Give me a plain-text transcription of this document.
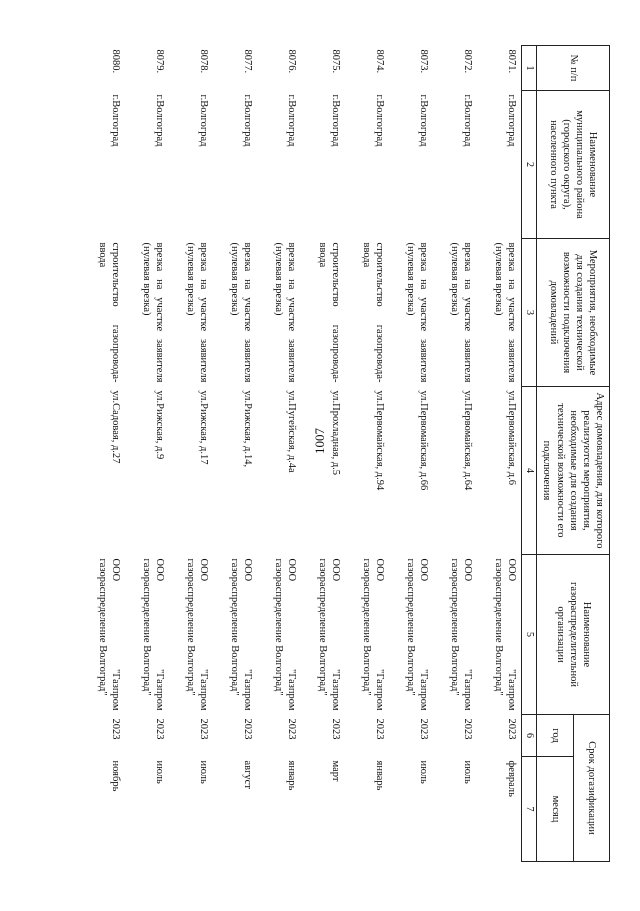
1007
№ п/п	Наименование муниципального района (городского округа), населенного пункта	Мероприятия, необходимые для создания технической возможности подключения домовладений	Адрес домовладения, для которого реализуются мероприятия, необходимые для создания технической возможности его подключения	Наименование газораспределительной организации	Срок догазификации	
					год	месяц
1	2	3	4	5	6	7
8071.	г.Волгоград	врезка на участке заявителя (нулевая врезка)	ул.Первомайская, д.6	ООО "Газпром газораспределение Волгоград"	2023	февраль
8072.	г.Волгоград	врезка на участке заявителя (нулевая врезка)	ул.Первомайская, д.64	ООО "Газпром газораспределение Волгоград"	2023	июль
8073.	г.Волгоград	врезка на участке заявителя (нулевая врезка)	ул.Первомайская, д.66	ООО "Газпром газораспределение Волгоград"	2023	июль
8074.	г.Волгоград	строительство газопровода-ввода	ул.Первомайская, д.94	ООО "Газпром газораспределение Волгоград"	2023	январь
8075.	г.Волгоград	строительство газопровода-ввода	ул.Прохладная, д.5	ООО "Газпром газораспределение Волгоград"	2023	март
8076.	г.Волгоград	врезка на участке заявителя (нулевая врезка)	ул.Пугейская, д.4а	ООО "Газпром газораспределение Волгоград"	2023	январь
8077.	г.Волгоград	врезка на участке заявителя (нулевая врезка)	ул.Рижская, д.14,	ООО "Газпром газораспределение Волгоград"	2023	август
8078.	г.Волгоград	врезка на участке заявителя (нулевая врезка)	ул.Рижская, д.17	ООО "Газпром газораспределение Волгоград"	2023	июль
8079.	г.Волгоград	врезка на участке заявителя (нулевая врезка)	ул.Рижская, д.9	ООО "Газпром газораспределение Волгоград"	2023	июль
8080.	г.Волгоград	строительство газопровода-ввода	ул.Садовая, д.27	ООО "Газпром газораспределение Волгоград"	2023	ноябрь
